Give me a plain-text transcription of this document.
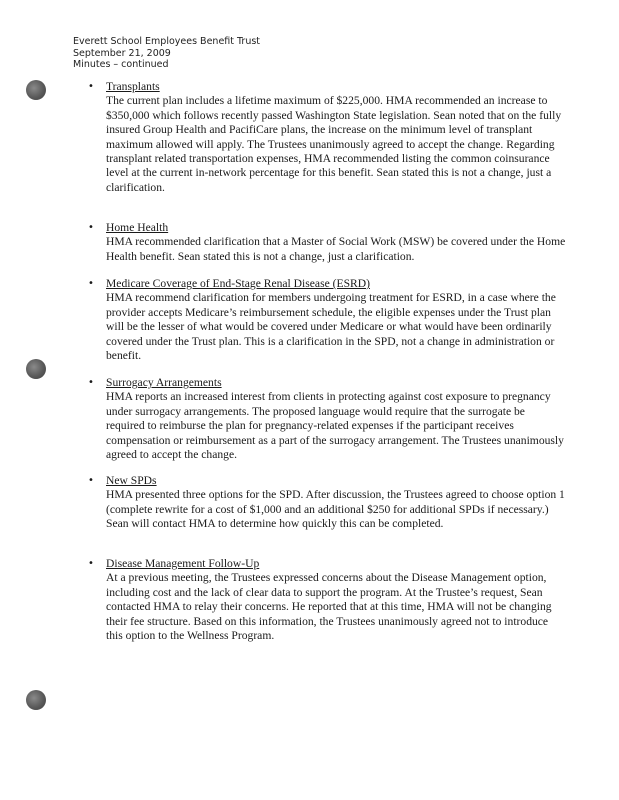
Everett School Employees Benefit Trust
September 21, 2009
Minutes – continued
• Transplants
The current plan includes a lifetime maximum of $225,000. HMA recommended an increase to $350,000 which follows recently passed Washington State legislation. Sean noted that on the fully insured Group Health and PacifiCare plans, the increase on the minimum level of transplant maximum allowed will apply. The Trustees unanimously agreed to accept the change. Regarding transplant related transportation expenses, HMA recommended listing the common coinsurance level at the current in-network percentage for this benefit. Sean stated this is not a change, just a clarification.
• Home Health
HMA recommended clarification that a Master of Social Work (MSW) be covered under the Home Health benefit. Sean stated this is not a change, just a clarification.
• Medicare Coverage of End-Stage Renal Disease (ESRD)
HMA recommend clarification for members undergoing treatment for ESRD, in a case where the provider accepts Medicare’s reimbursement schedule, the eligible expenses under the Trust plan will be the lesser of what would be covered under Medicare or what would have been ordinarily covered under the Trust plan. This is a clarification in the SPD, not a change in administration or benefit.
• Surrogacy Arrangements
HMA reports an increased interest from clients in protecting against cost exposure to pregnancy under surrogacy arrangements. The proposed language would require that the surrogate be required to reimburse the plan for pregnancy-related expenses if the participant receives compensation or reimbursement as a part of the surrogacy arrangement. The Trustees unanimously agreed to accept the change.
• New SPDs
HMA presented three options for the SPD. After discussion, the Trustees agreed to choose option 1 (complete rewrite for a cost of $1,000 and an additional $250 for additional SPDs if necessary.) Sean will contact HMA to determine how quickly this can be completed.
• Disease Management Follow-Up
At a previous meeting, the Trustees expressed concerns about the Disease Management option, including cost and the lack of clear data to support the program. At the Trustee’s request, Sean contacted HMA to relay their concerns. He reported that at this time, HMA will not be changing their fee structure. Based on this information, the Trustees unanimously agreed not to introduce this option to the Wellness Program.
